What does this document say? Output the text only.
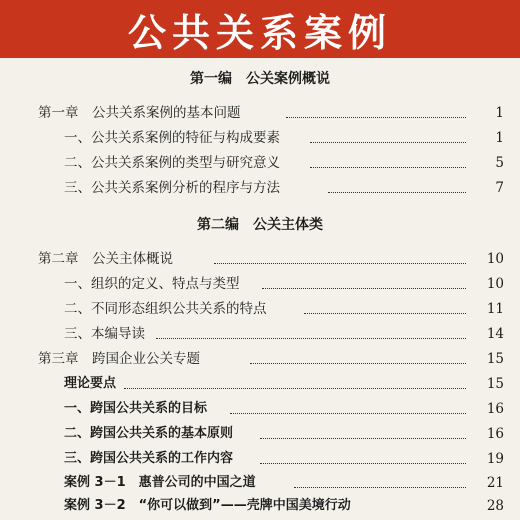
公共关系案例
第一编　公关案例概说
第一章　公共关系案例的基本问题	1
一、公共关系案例的特征与构成要素	1
二、公共关系案例的类型与研究意义	5
三、公共关系案例分析的程序与方法	7
第二编　公关主体类
第二章　公关主体概说	10
一、组织的定义、特点与类型	10
二、不同形态组织公共关系的特点	11
三、本编导读	14
第三章　跨国企业公关专题	15
理论要点	15
一、跨国公共关系的目标	16
二、跨国公共关系的基本原则	16
三、跨国公共关系的工作内容	19
案例 3－1　惠普公司的中国之道	21
案例 3－2　“你可以做到”——壳牌中国美境行动	28
